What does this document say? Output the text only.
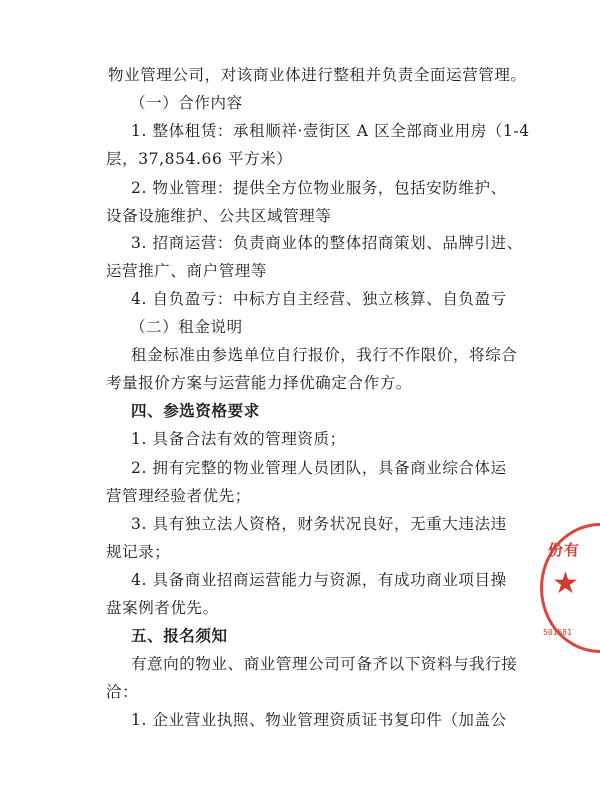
物业管理公司，对该商业体进行整租并负责全面运营管理。
（一）合作内容
1. 整体租赁：承租顺祥·壹街区 A 区全部商业用房（1-4
层，37,854.66 平方米）
2. 物业管理：提供全方位物业服务，包括安防维护、
设备设施维护、公共区域管理等
3. 招商运营：负责商业体的整体招商策划、品牌引进、
运营推广、商户管理等
4. 自负盈亏：中标方自主经营、独立核算、自负盈亏
（二）租金说明
租金标准由参选单位自行报价，我行不作限价，将综合
考量报价方案与运营能力择优确定合作方。
四、参选资格要求
1. 具备合法有效的管理资质；
2. 拥有完整的物业管理人员团队，具备商业综合体运
营管理经验者优先；
3. 具有独立法人资格，财务状况良好，无重大违法违
规记录；
4. 具备商业招商运营能力与资源，有成功商业项目操
盘案例者优先。
五、报名须知
有意向的物业、商业管理公司可备齐以下资料与我行接
洽：
1. 企业营业执照、物业管理资质证书复印件（加盖公
份有
★
501581
